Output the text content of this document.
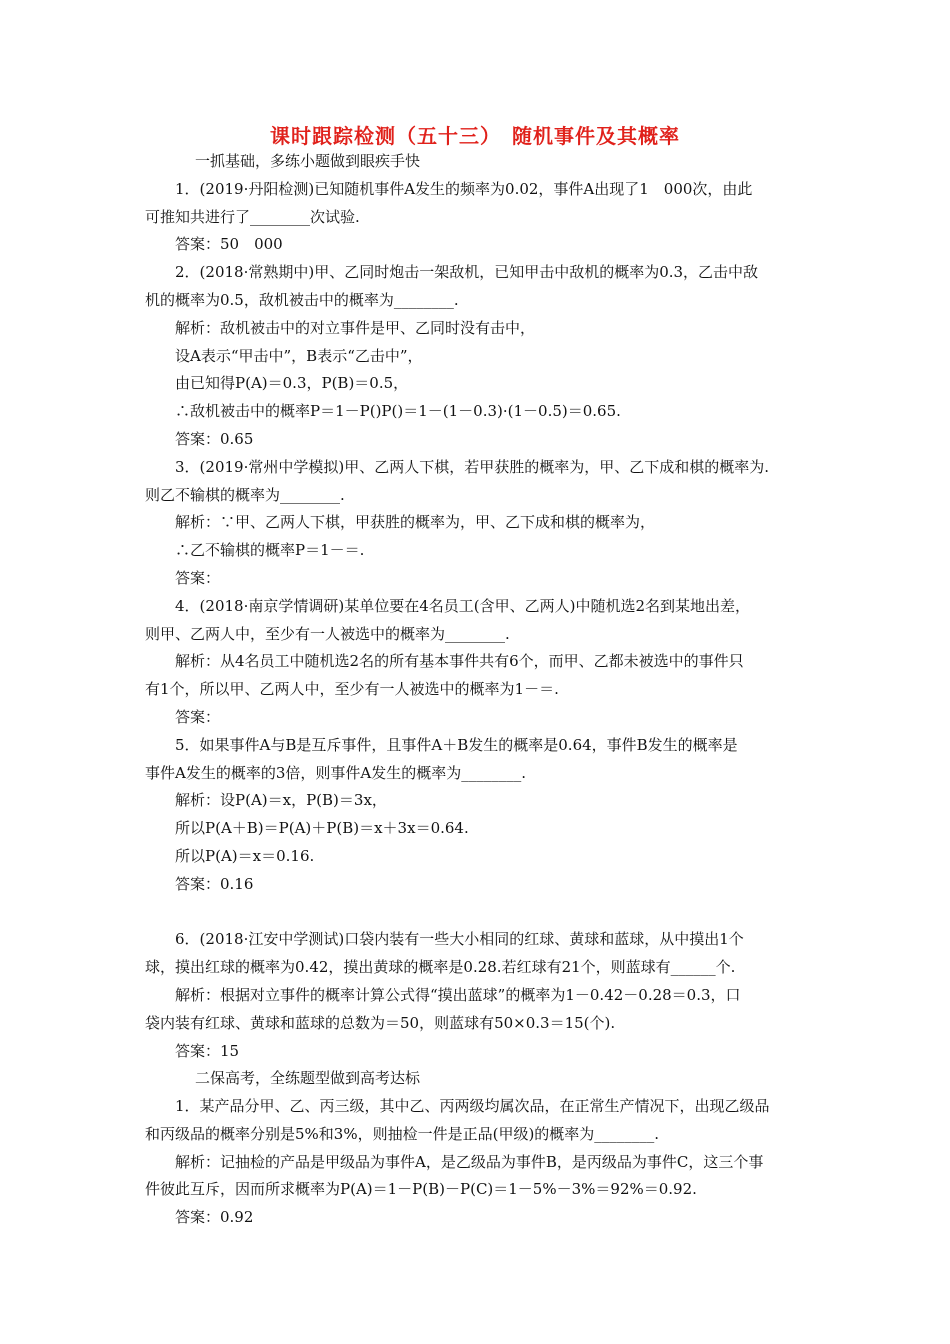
课时跟踪检测（五十三）　随机事件及其概率

一抓基础，多练小题做到眼疾手快

1．(2019·丹阳检测)已知随机事件A发生的频率为0.02，事件A出现了1　000次，由此

可推知共进行了________次试验.

答案：50　000

2．(2018·常熟期中)甲、乙同时炮击一架敌机，已知甲击中敌机的概率为0.3，乙击中敌

机的概率为0.5，敌机被击中的概率为________.

解析：敌机被击中的对立事件是甲、乙同时没有击中，

设A表示“甲击中”，B表示“乙击中”，

由已知得P(A)＝0.3，P(B)＝0.5，

∴敌机被击中的概率P＝1－P()P()＝1－(1－0.3)·(1－0.5)＝0.65.

答案：0.65

3．(2019·常州中学模拟)甲、乙两人下棋，若甲获胜的概率为，甲、乙下成和棋的概率为.

则乙不输棋的概率为________.

解析：∵甲、乙两人下棋，甲获胜的概率为，甲、乙下成和棋的概率为，

∴乙不输棋的概率P＝1－＝.

答案：

4．(2018·南京学情调研)某单位要在4名员工(含甲、乙两人)中随机选2名到某地出差，

则甲、乙两人中，至少有一人被选中的概率为________.

解析：从4名员工中随机选2名的所有基本事件共有6个，而甲、乙都未被选中的事件只

有1个，所以甲、乙两人中，至少有一人被选中的概率为1－＝.

答案：

5．如果事件A与B是互斥事件，且事件A＋B发生的概率是0.64，事件B发生的概率是

事件A发生的概率的3倍，则事件A发生的概率为________.

解析：设P(A)＝x，P(B)＝3x，

所以P(A＋B)＝P(A)＋P(B)＝x＋3x＝0.64.

所以P(A)＝x＝0.16.

答案：0.16

6．(2018·江安中学测试)口袋内装有一些大小相同的红球、黄球和蓝球，从中摸出1个

球，摸出红球的概率为0.42，摸出黄球的概率是0.28.若红球有21个，则蓝球有______个.

解析：根据对立事件的概率计算公式得“摸出蓝球”的概率为1－0.42－0.28＝0.3，口

袋内装有红球、黄球和蓝球的总数为＝50，则蓝球有50×0.3＝15(个).

答案：15

二保高考，全练题型做到高考达标

1．某产品分甲、乙、丙三级，其中乙、丙两级均属次品，在正常生产情况下，出现乙级品

和丙级品的概率分别是5%和3%，则抽检一件是正品(甲级)的概率为________.

解析：记抽检的产品是甲级品为事件A，是乙级品为事件B，是丙级品为事件C，这三个事

件彼此互斥，因而所求概率为P(A)＝1－P(B)－P(C)＝1－5%－3%＝92%＝0.92.

答案：0.92
